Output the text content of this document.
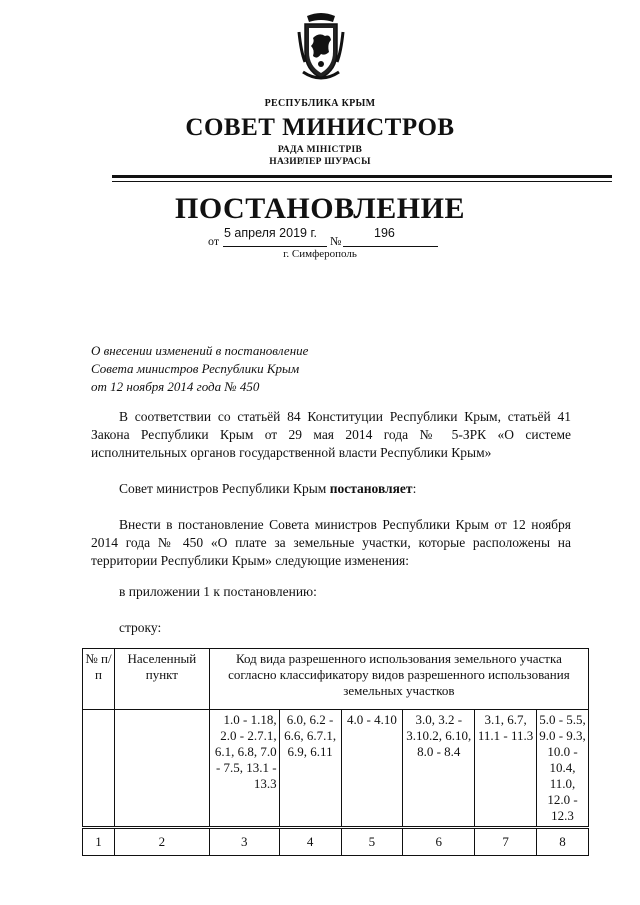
РЕСПУБЛИКА КРЫМ
СОВЕТ МИНИСТРОВ
РАДА МІНІСТРІВ
НАЗИРЛЕР ШУРАСЫ
ПОСТАНОВЛЕНИЕ
от	№
5 апреля 2019 г.	196
г. Симферополь
О внесении изменений в постановление
Совета министров Республики Крым
от 12 ноября 2014 года № 450
В соответствии со статьёй 84 Конституции Республики Крым, статьёй 41 Закона Республики Крым от 29 мая 2014 года № 5-ЗРК «О системе исполнительных органов государственной власти Республики Крым»
Совет министров Республики Крым постановляет:
Внести в постановление Совета министров Республики Крым от 12 ноября 2014 года № 450 «О плате за земельные участки, которые расположены на территории Республики Крым» следующие изменения:
в приложении 1 к постановлению:
строку:
№ п/п	Населенный пункт	Код вида разрешенного использования земельного участка согласно классификатору видов разрешенного использования земельных участков					
		1.0 - 1.18, 2.0 - 2.7.1, 6.1, 6.8, 7.0 - 7.5, 13.1 - 13.3	6.0, 6.2 - 6.6, 6.7.1, 6.9, 6.11	4.0 - 4.10	3.0, 3.2 - 3.10.2, 6.10, 8.0 - 8.4	3.1, 6.7, 11.1 - 11.3	5.0 - 5.5, 9.0 - 9.3, 10.0 - 10.4, 11.0, 12.0 - 12.3
1	2	3	4	5	6	7	8
